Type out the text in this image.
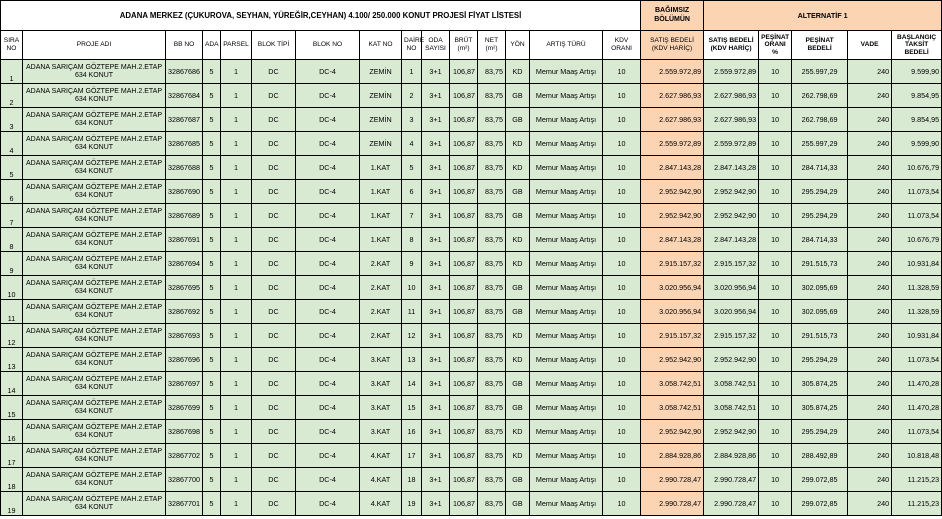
ADANA MERKEZ (ÇUKUROVA, SEYHAN, YÜREĞİR,CEYHAN) 4.100/ 250.000 KONUT PROJESİ FİYAT LİSTESİ															BAĞIMSIZ BÖLÜMÜN	ALTERNATİF 1				
SIRA NO	PROJE ADI	BB NO	ADA	PARSEL	BLOK TİPİ	BLOK NO	KAT NO	DAİRE NO	ODA SAYISI	BRÜT (m²)	NET (m²)	YÖN	ARTIŞ TÜRÜ	KDV ORANI	SATIŞ BEDELİ (KDV HARİÇ)	SATIŞ BEDELİ (KDV HARİÇ)	PEŞİNAT ORANI %	PEŞİNAT BEDELİ	VADE	BAŞLANGIÇ TAKSİT BEDELİ
1	ADANA SARIÇAM GÖZTEPE MAH.2.ETAP 634 KONUT	32867686	5	1	DC	DC-4	ZEMİN	1	3+1	106,87	83,75	KD	Memur Maaş Artışı	10	2.559.972,89	2.559.972,89	10	255.997,29	240	9.599,90
2	ADANA SARIÇAM GÖZTEPE MAH.2.ETAP 634 KONUT	32867684	5	1	DC	DC-4	ZEMİN	2	3+1	106,87	83,75	GB	Memur Maaş Artışı	10	2.627.986,93	2.627.986,93	10	262.798,69	240	9.854,95
3	ADANA SARIÇAM GÖZTEPE MAH.2.ETAP 634 KONUT	32867687	5	1	DC	DC-4	ZEMİN	3	3+1	106,87	83,75	GB	Memur Maaş Artışı	10	2.627.986,93	2.627.986,93	10	262.798,69	240	9.854,95
4	ADANA SARIÇAM GÖZTEPE MAH.2.ETAP 634 KONUT	32867685	5	1	DC	DC-4	ZEMİN	4	3+1	106,87	83,75	KD	Memur Maaş Artışı	10	2.559.972,89	2.559.972,89	10	255.997,29	240	9.599,90
5	ADANA SARIÇAM GÖZTEPE MAH.2.ETAP 634 KONUT	32867688	5	1	DC	DC-4	1.KAT	5	3+1	106,87	83,75	KD	Memur Maaş Artışı	10	2.847.143,28	2.847.143,28	10	284.714,33	240	10.676,79
6	ADANA SARIÇAM GÖZTEPE MAH.2.ETAP 634 KONUT	32867690	5	1	DC	DC-4	1.KAT	6	3+1	106,87	83,75	GB	Memur Maaş Artışı	10	2.952.942,90	2.952.942,90	10	295.294,29	240	11.073,54
7	ADANA SARIÇAM GÖZTEPE MAH.2.ETAP 634 KONUT	32867689	5	1	DC	DC-4	1.KAT	7	3+1	106,87	83,75	GB	Memur Maaş Artışı	10	2.952.942,90	2.952.942,90	10	295.294,29	240	11.073,54
8	ADANA SARIÇAM GÖZTEPE MAH.2.ETAP 634 KONUT	32867691	5	1	DC	DC-4	1.KAT	8	3+1	106,87	83,75	KD	Memur Maaş Artışı	10	2.847.143,28	2.847.143,28	10	284.714,33	240	10.676,79
9	ADANA SARIÇAM GÖZTEPE MAH.2.ETAP 634 KONUT	32867694	5	1	DC	DC-4	2.KAT	9	3+1	106,87	83,75	KD	Memur Maaş Artışı	10	2.915.157,32	2.915.157,32	10	291.515,73	240	10.931,84
10	ADANA SARIÇAM GÖZTEPE MAH.2.ETAP 634 KONUT	32867695	5	1	DC	DC-4	2.KAT	10	3+1	106,87	83,75	GB	Memur Maaş Artışı	10	3.020.956,94	3.020.956,94	10	302.095,69	240	11.328,59
11	ADANA SARIÇAM GÖZTEPE MAH.2.ETAP 634 KONUT	32867692	5	1	DC	DC-4	2.KAT	11	3+1	106,87	83,75	GB	Memur Maaş Artışı	10	3.020.956,94	3.020.956,94	10	302.095,69	240	11.328,59
12	ADANA SARIÇAM GÖZTEPE MAH.2.ETAP 634 KONUT	32867693	5	1	DC	DC-4	2.KAT	12	3+1	106,87	83,75	KD	Memur Maaş Artışı	10	2.915.157,32	2.915.157,32	10	291.515,73	240	10.931,84
13	ADANA SARIÇAM GÖZTEPE MAH.2.ETAP 634 KONUT	32867696	5	1	DC	DC-4	3.KAT	13	3+1	106,87	83,75	KD	Memur Maaş Artışı	10	2.952.942,90	2.952.942,90	10	295.294,29	240	11.073,54
14	ADANA SARIÇAM GÖZTEPE MAH.2.ETAP 634 KONUT	32867697	5	1	DC	DC-4	3.KAT	14	3+1	106,87	83,75	GB	Memur Maaş Artışı	10	3.058.742,51	3.058.742,51	10	305.874,25	240	11.470,28
15	ADANA SARIÇAM GÖZTEPE MAH.2.ETAP 634 KONUT	32867699	5	1	DC	DC-4	3.KAT	15	3+1	106,87	83,75	GB	Memur Maaş Artışı	10	3.058.742,51	3.058.742,51	10	305.874,25	240	11.470,28
16	ADANA SARIÇAM GÖZTEPE MAH.2.ETAP 634 KONUT	32867698	5	1	DC	DC-4	3.KAT	16	3+1	106,87	83,75	KD	Memur Maaş Artışı	10	2.952.942,90	2.952.942,90	10	295.294,29	240	11.073,54
17	ADANA SARIÇAM GÖZTEPE MAH.2.ETAP 634 KONUT	32867702	5	1	DC	DC-4	4.KAT	17	3+1	106,87	83,75	KD	Memur Maaş Artışı	10	2.884.928,86	2.884.928,86	10	288.492,89	240	10.818,48
18	ADANA SARIÇAM GÖZTEPE MAH.2.ETAP 634 KONUT	32867700	5	1	DC	DC-4	4.KAT	18	3+1	106,87	83,75	GB	Memur Maaş Artışı	10	2.990.728,47	2.990.728,47	10	299.072,85	240	11.215,23
19	ADANA SARIÇAM GÖZTEPE MAH.2.ETAP 634 KONUT	32867701	5	1	DC	DC-4	4.KAT	19	3+1	106,87	83,75	GB	Memur Maaş Artışı	10	2.990.728,47	2.990.728,47	10	299.072,85	240	11.215,23
